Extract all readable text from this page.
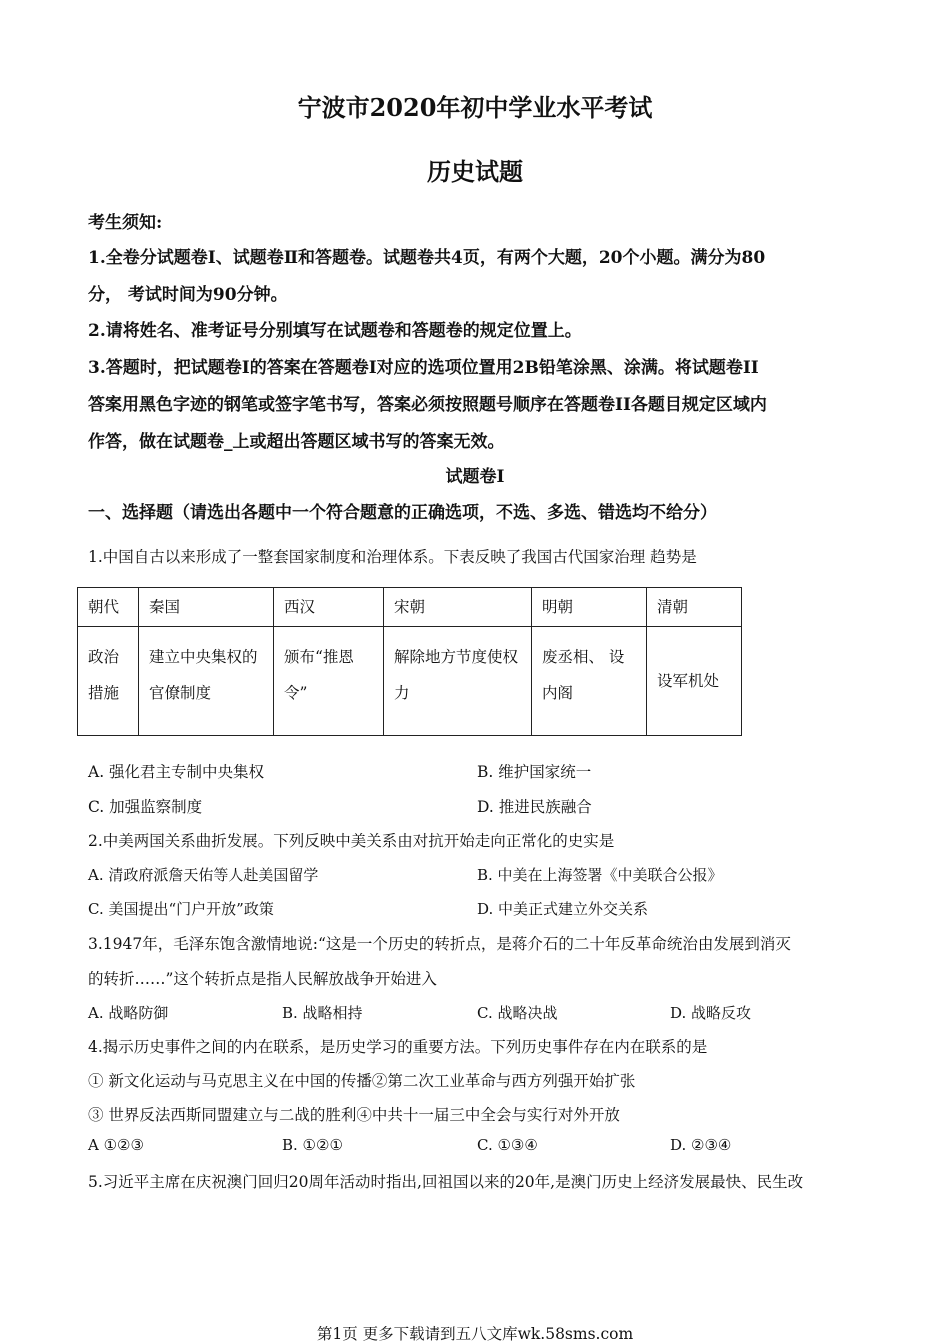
宁波市2020年初中学业水平考试
历史试题
考生须知:
1.全卷分试题卷Ⅰ、试题卷Ⅱ和答题卷。试题卷共4页，有两个大题，20个小题。满分为80
分， 考试时间为90分钟。
2.请将姓名、准考证号分别填写在试题卷和答题卷的规定位置上。
3.答题时，把试题卷I的答案在答题卷I对应的选项位置用2B铅笔涂黑、涂满。将试题卷II
答案用黑色字迹的钢笔或签字笔书写，答案必须按照题号顺序在答题卷II各题目规定区域内
作答，做在试题卷_上或超出答题区域书写的答案无效。
试题卷I
一、选择题（请选出各题中一个符合题意的正确选项，不选、多选、错选均不给分）
1.中国自古以来形成了一整套国家制度和治理体系。下表反映了我国古代国家治理 趋势是
朝代	秦国	西汉	宋朝	明朝	清朝
政治措施	建立中央集权的官僚制度	颁布“推恩令”	解除地方节度使权力	废丞相、 设内阁	设军机处
A. 强化君主专制中央集权	B. 维护国家统一
C. 加强监察制度	D. 推进民族融合
2.中美两国关系曲折发展。下列反映中美关系由对抗开始走向正常化的史实是
A. 清政府派詹天佑等人赴美国留学	B. 中美在上海签署《中美联合公报》
C. 美国提出“门户开放”政策	D. 中美正式建立外交关系
3.1947年，毛泽东饱含激情地说:“这是一个历史的转折点，是蒋介石的二十年反革命统治由发展到消灭
的转折……”这个转折点是指人民解放战争开始进入
A. 战略防御	B. 战略相持	C. 战略决战	D. 战略反攻
4.揭示历史事件之间的内在联系，是历史学习的重要方法。下列历史事件存在内在联系的是
① 新文化运动与马克思主义在中国的传播②第二次工业革命与西方列强开始扩张
③ 世界反法西斯同盟建立与二战的胜利④中共十一届三中全会与实行对外开放
A ①②③	B. ①②①	C. ①③④	D. ②③④
5.习近平主席在庆祝澳门回归20周年活动时指出,回祖国以来的20年,是澳门历史上经济发展最快、民生改
第1页 更多下载请到五八文库wk.58sms.com
